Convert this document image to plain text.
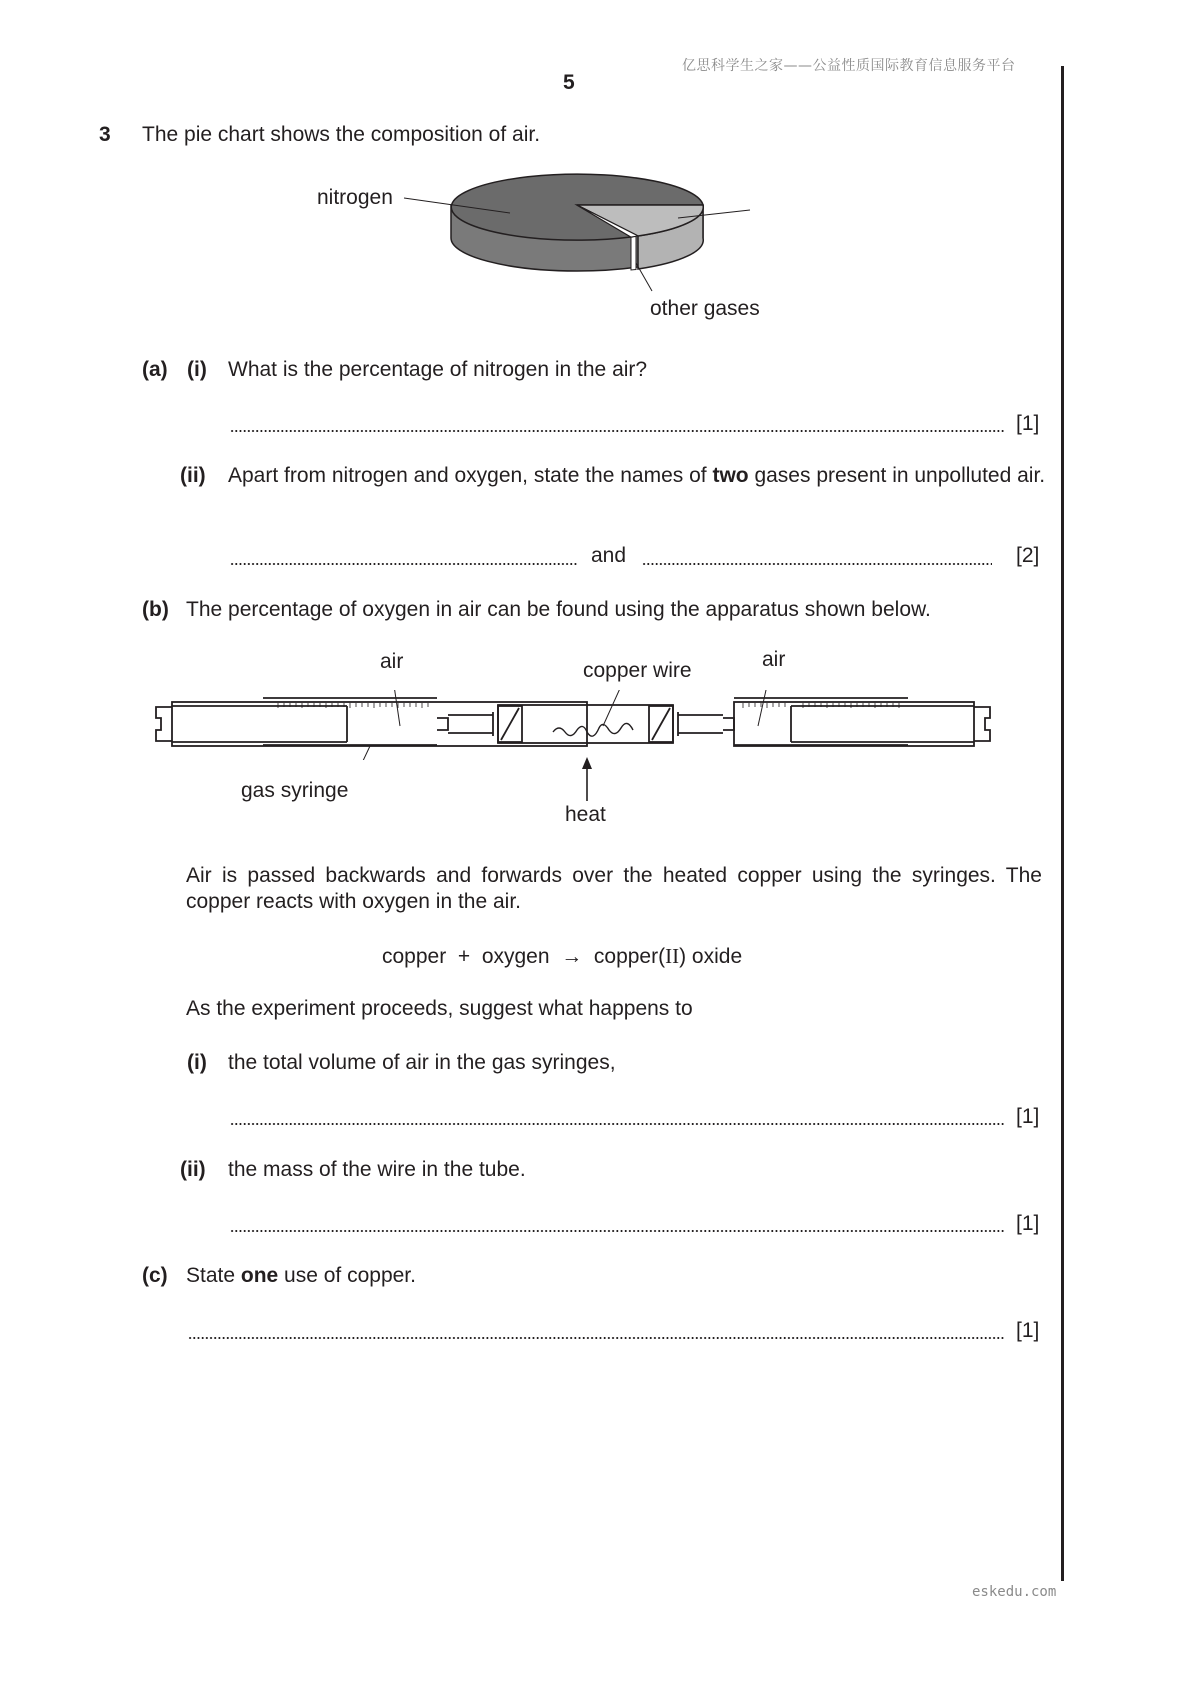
亿思科学生之家——公益性质国际教育信息服务平台
5
3 The pie chart shows the composition of air.
nitrogen
other gases
(a) (i) What is the percentage of nitrogen in the air?
[1]
(ii) Apart from nitrogen and oxygen, state the names of two gases present in unpolluted air.
and	[2]
(b) The percentage of oxygen in air can be found using the apparatus shown below.
air	copper wire	air
gas syringe
heat
Air is passed backwards and forwards over the heated copper using the syringes. The copper reacts with oxygen in the air.
copper + oxygen → copper(II) oxide
As the experiment proceeds, suggest what happens to
(i) the total volume of air in the gas syringes,
[1]
(ii) the mass of the wire in the tube.
[1]
(c) State one use of copper.
[1]
eskedu.com
